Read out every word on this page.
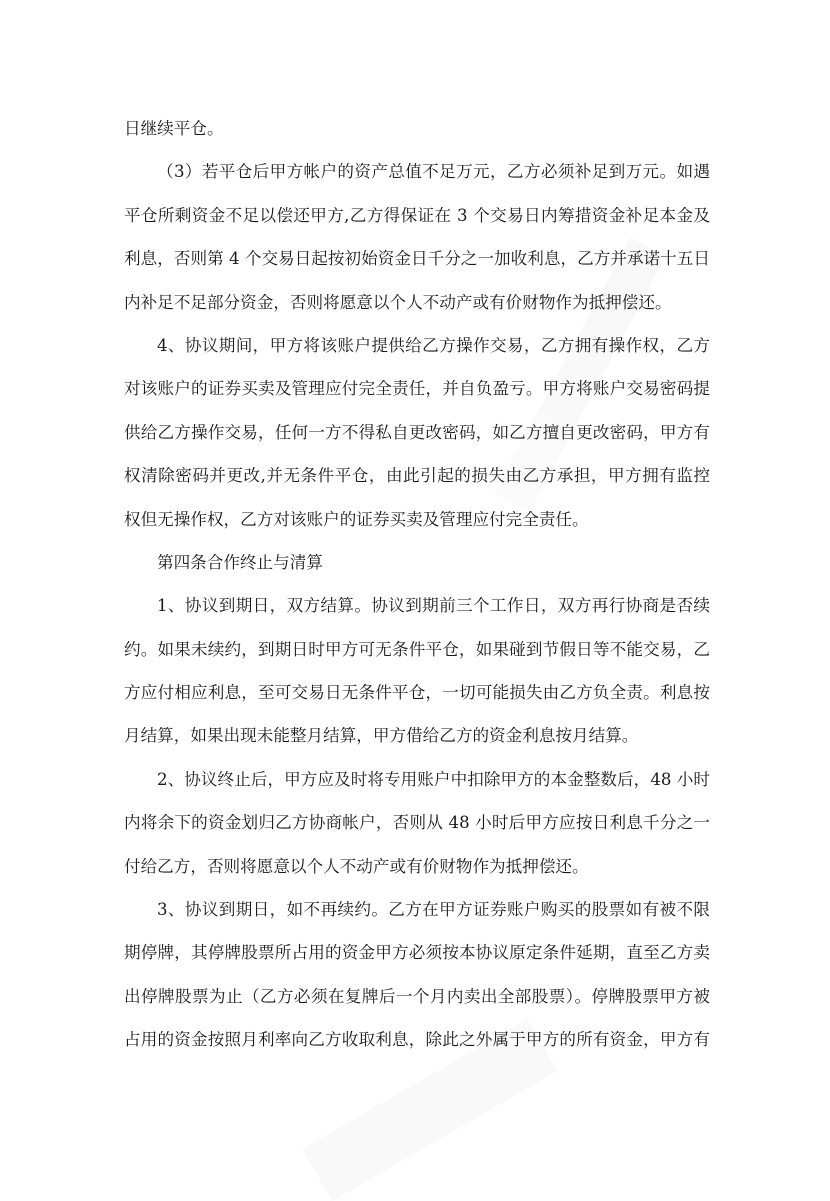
日继续平仓。
（3）若平仓后甲方帐户的资产总值不足万元，乙方必须补足到万元。如遇
平仓所剩资金不足以偿还甲方,乙方得保证在 3 个交易日内筹措资金补足本金及
利息，否则第 4 个交易日起按初始资金日千分之一加收利息，乙方并承诺十五日
内补足不足部分资金，否则将愿意以个人不动产或有价财物作为抵押偿还。
4、协议期间，甲方将该账户提供给乙方操作交易，乙方拥有操作权，乙方
对该账户的证券买卖及管理应付完全责任，并自负盈亏。甲方将账户交易密码提
供给乙方操作交易，任何一方不得私自更改密码，如乙方擅自更改密码，甲方有
权清除密码并更改,并无条件平仓，由此引起的损失由乙方承担，甲方拥有监控
权但无操作权，乙方对该账户的证券买卖及管理应付完全责任。
第四条合作终止与清算
1、协议到期日，双方结算。协议到期前三个工作日，双方再行协商是否续
约。如果未续约，到期日时甲方可无条件平仓，如果碰到节假日等不能交易，乙
方应付相应利息，至可交易日无条件平仓，一切可能损失由乙方负全责。利息按
月结算，如果出现未能整月结算，甲方借给乙方的资金利息按月结算。
2、协议终止后，甲方应及时将专用账户中扣除甲方的本金整数后，48 小时
内将余下的资金划归乙方协商帐户，否则从 48 小时后甲方应按日利息千分之一
付给乙方，否则将愿意以个人不动产或有价财物作为抵押偿还。
3、协议到期日，如不再续约。乙方在甲方证券账户购买的股票如有被不限
期停牌，其停牌股票所占用的资金甲方必须按本协议原定条件延期，直至乙方卖
出停牌股票为止（乙方必须在复牌后一个月内卖出全部股票）。停牌股票甲方被
占用的资金按照月利率向乙方收取利息，除此之外属于甲方的所有资金，甲方有
